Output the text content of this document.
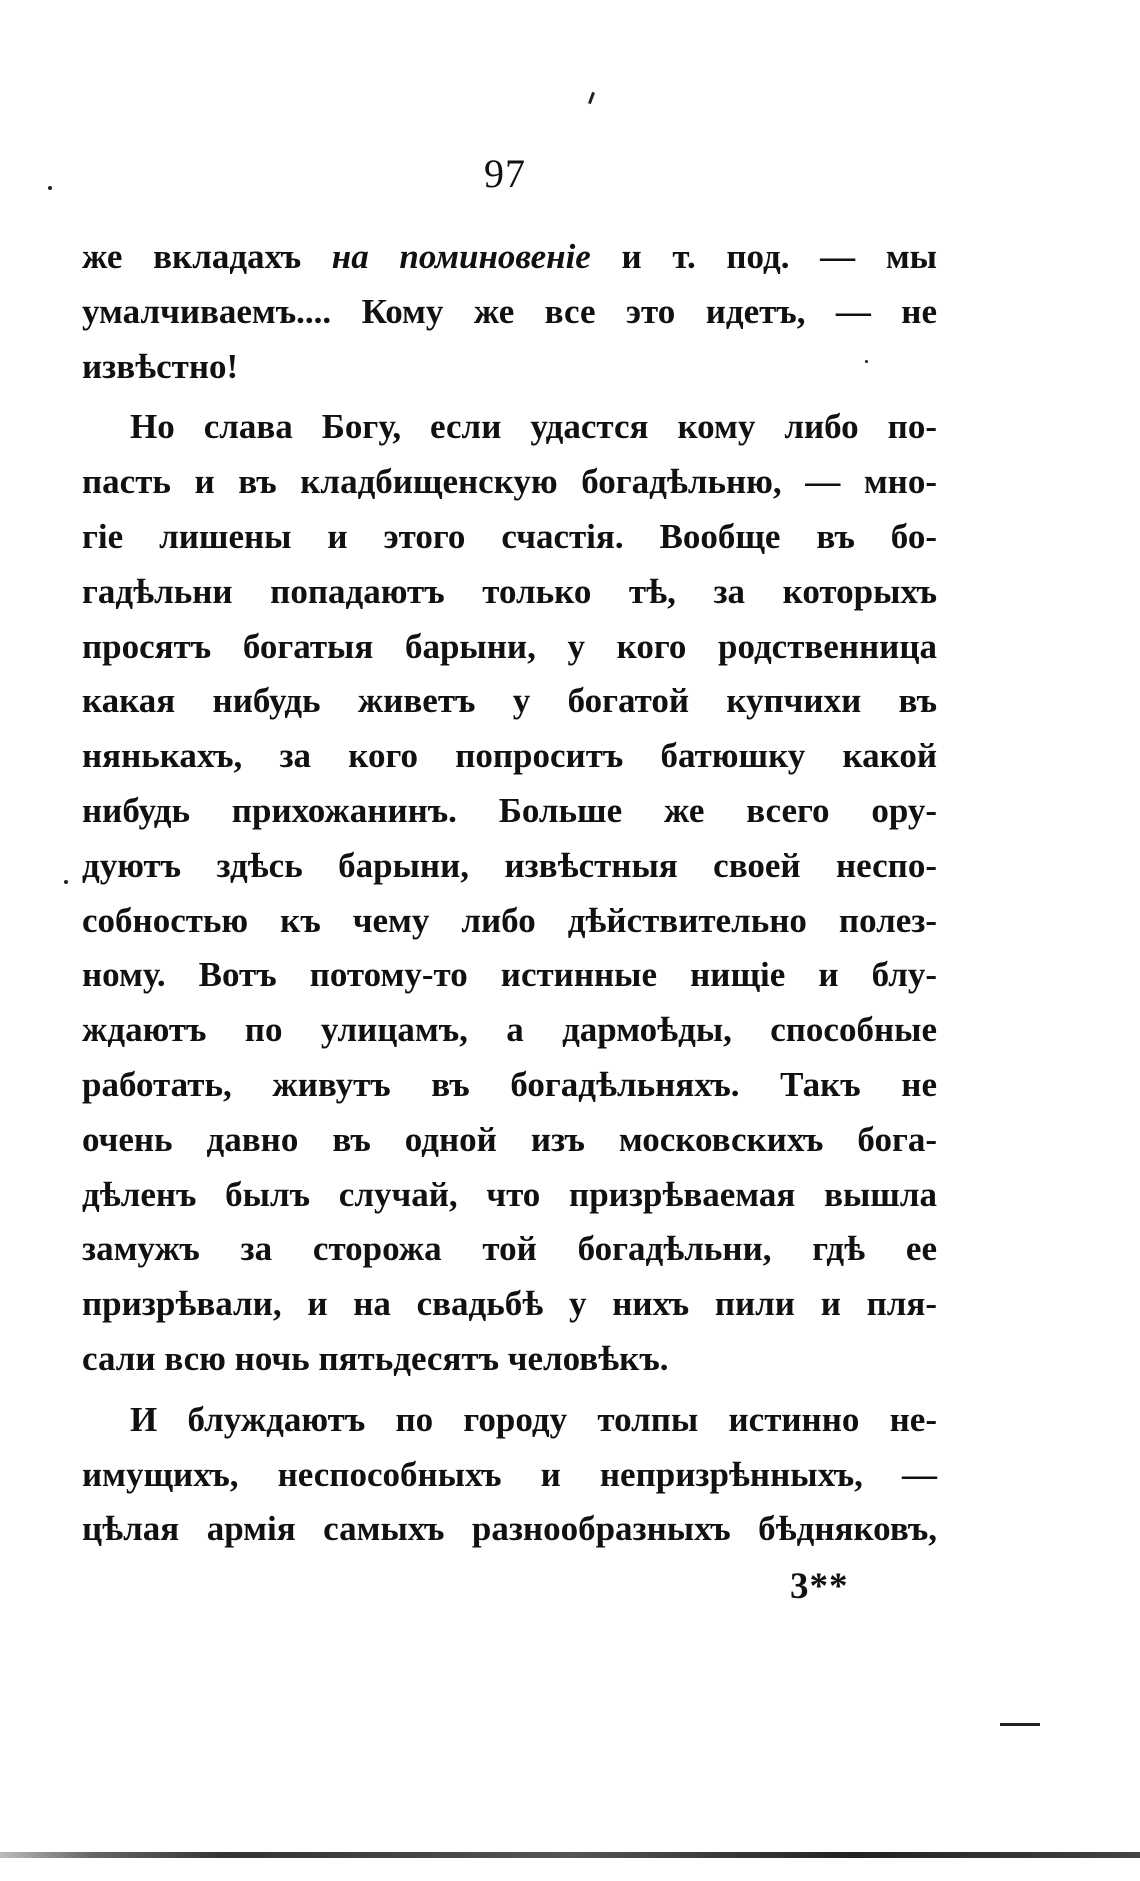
97
же вкладахъ на поминовеніе и т. под. — мы
умалчиваемъ.... Кому же все это идетъ, — не
извѣстно!
Но слава Богу, если удастся кому либо по-
пасть и въ кладбищенскую богадѣльню, — мно-
гіе лишены и этого счастія. Вообще въ бо-
гадѣльни попадаютъ только тѣ, за которыхъ
просятъ богатыя барыни, у кого родственница
какая нибудь живетъ у богатой купчихи въ
нянькахъ, за кого попроситъ батюшку какой
нибудь прихожанинъ. Больше же всего ору-
дуютъ здѣсь барыни, извѣстныя своей неспо-
собностью къ чему либо дѣйствительно полез-
ному. Вотъ потому-то истинные нищіе и блу-
ждаютъ по улицамъ, а дармоѣды, способные
работать, живутъ въ богадѣльняхъ. Такъ не
очень давно въ одной изъ московскихъ бога-
дѣленъ былъ случай, что призрѣваемая вышла
замужъ за сторожа той богадѣльни, гдѣ ее
призрѣвали, и на свадьбѣ у нихъ пили и пля-
сали всю ночь пятьдесятъ человѣкъ.
И блуждаютъ по городу толпы истинно не-
имущихъ, неспособныхъ и непризрѣнныхъ, —
цѣлая армія самыхъ разнообразныхъ бѣдняковъ,
3**
